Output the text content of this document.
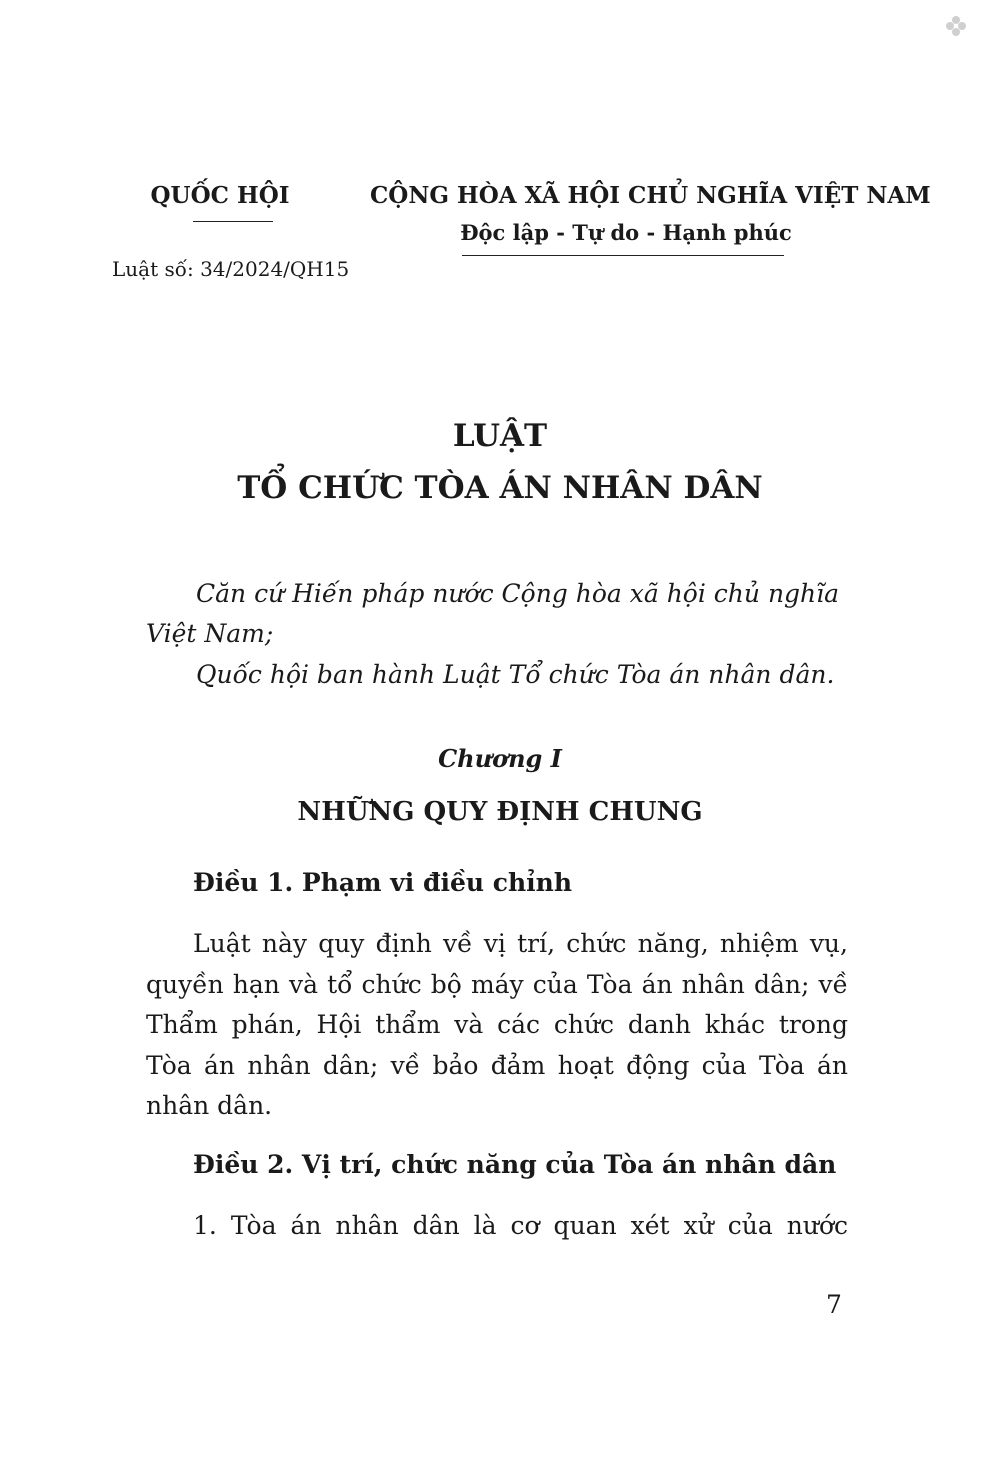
QUỐC HỘI
Luật số: 34/2024/QH15
CỘNG HÒA XÃ HỘI CHỦ NGHĨA VIỆT NAM
Độc lập - Tự do - Hạnh phúc
LUẬT
TỔ CHỨC TÒA ÁN NHÂN DÂN
Căn cứ Hiến pháp nước Cộng hòa xã hội chủ nghĩa Việt Nam;
Quốc hội ban hành Luật Tổ chức Tòa án nhân dân.
Chương I
NHỮNG QUY ĐỊNH CHUNG
Điều 1. Phạm vi điều chỉnh
Luật này quy định về vị trí, chức năng, nhiệm vụ, quyền hạn và tổ chức bộ máy của Tòa án nhân dân; về Thẩm phán, Hội thẩm và các chức danh khác trong Tòa án nhân dân; về bảo đảm hoạt động của Tòa án nhân dân.
Điều 2. Vị trí, chức năng của Tòa án nhân dân
1. Tòa án nhân dân là cơ quan xét xử của nước
7
